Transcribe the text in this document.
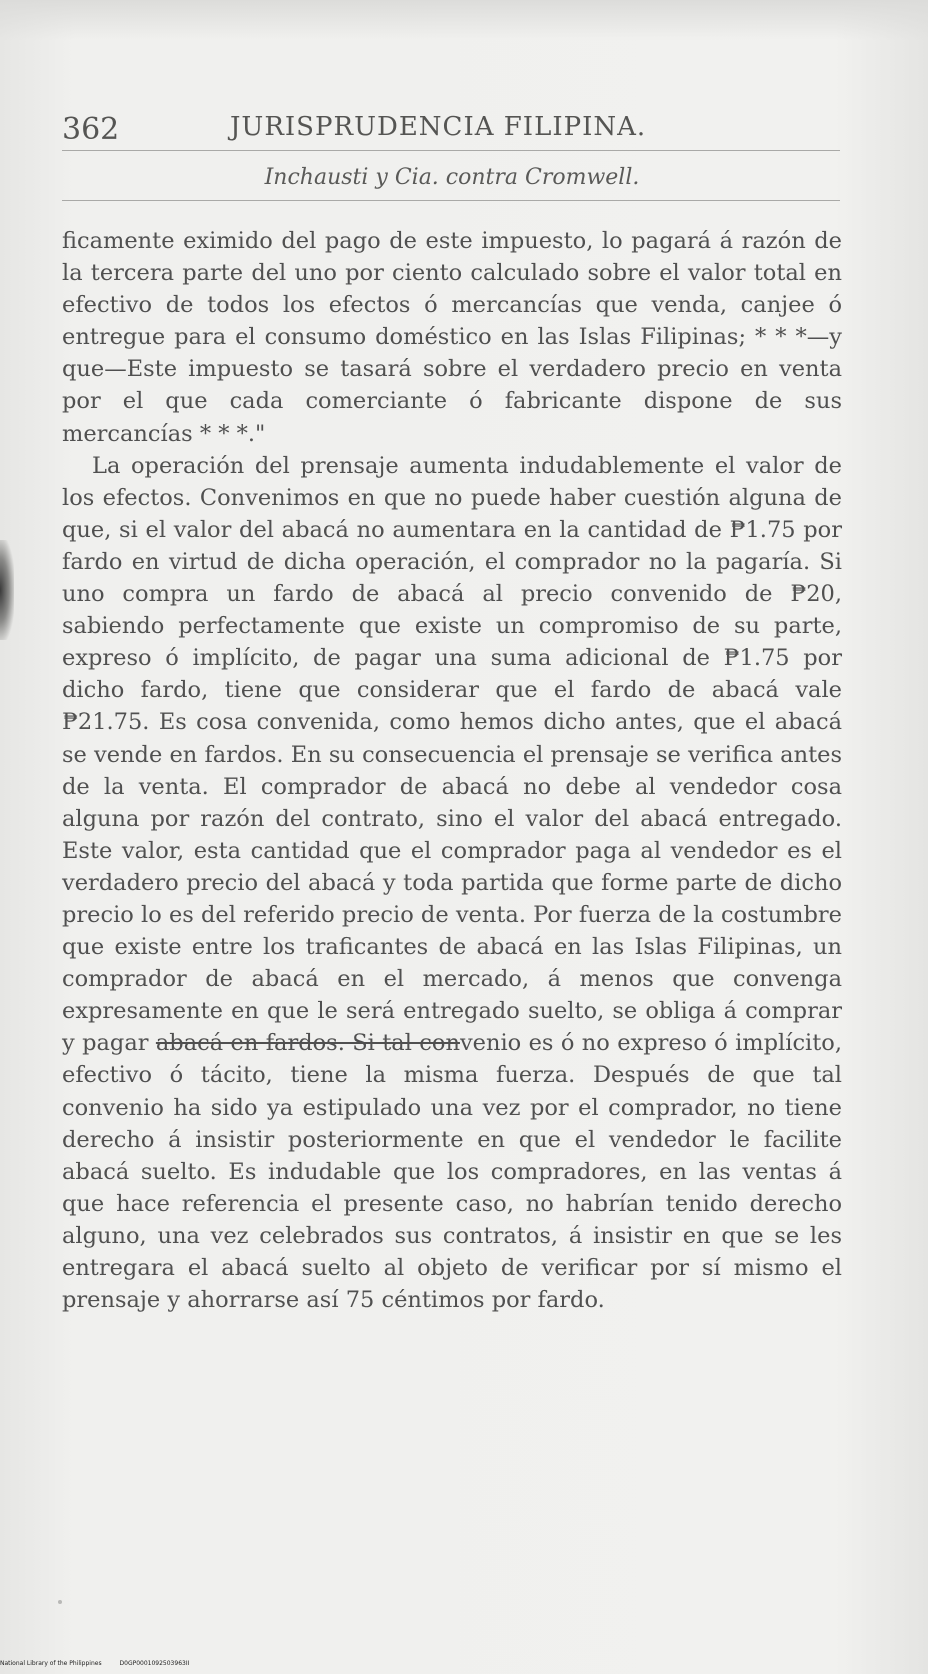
362	JURISPRUDENCIA FILIPINA.
Inchausti y Cia. contra Cromwell.

ficamente eximido del pago de este impuesto, lo pagará á razón de la tercera parte del uno por ciento calculado sobre el valor total en efectivo de todos los efectos ó mercancías que venda, canjee ó entregue para el consumo doméstico en las Islas Filipinas; * * *—y que—Este impuesto se tasará sobre el verdadero precio en venta por el que cada comerciante ó fabricante dispone de sus mercancías * * *."

La operación del prensaje aumenta indudablemente el valor de los efectos. Convenimos en que no puede haber cuestión alguna de que, si el valor del abacá no aumentara en la cantidad de ₱1.75 por fardo en virtud de dicha operación, el comprador no la pagaría. Si uno compra un fardo de abacá al precio convenido de ₱20, sabiendo perfectamente que existe un compromiso de su parte, expreso ó implícito, de pagar una suma adicional de ₱1.75 por dicho fardo, tiene que considerar que el fardo de abacá vale ₱21.75. Es cosa convenida, como hemos dicho antes, que el abacá se vende en fardos. En su consecuencia el prensaje se verifica antes de la venta. El comprador de abacá no debe al vendedor cosa alguna por razón del contrato, sino el valor del abacá entregado. Este valor, esta cantidad que el comprador paga al vendedor es el verdadero precio del abacá y toda partida que forme parte de dicho precio lo es del referido precio de venta. Por fuerza de la costumbre que existe entre los traficantes de abacá en las Islas Filipinas, un comprador de abacá en el mercado, á menos que convenga expresamente en que le será entregado suelto, se obliga á comprar y pagar abacá en fardos. Si tal convenio es ó no expreso ó implícito, efectivo ó tácito, tiene la misma fuerza. Después de que tal convenio ha sido ya estipulado una vez por el comprador, no tiene derecho á insistir posteriormente en que el vendedor le facilite abacá suelto. Es indudable que los compradores, en las ventas á que hace referencia el presente caso, no habrían tenido derecho alguno, una vez celebrados sus contratos, á insistir en que se les entregara el abacá suelto al objeto de verificar por sí mismo el prensaje y ahorrarse así 75 céntimos por fardo.

National Library of the Philippines	D0GP0001092503963II
